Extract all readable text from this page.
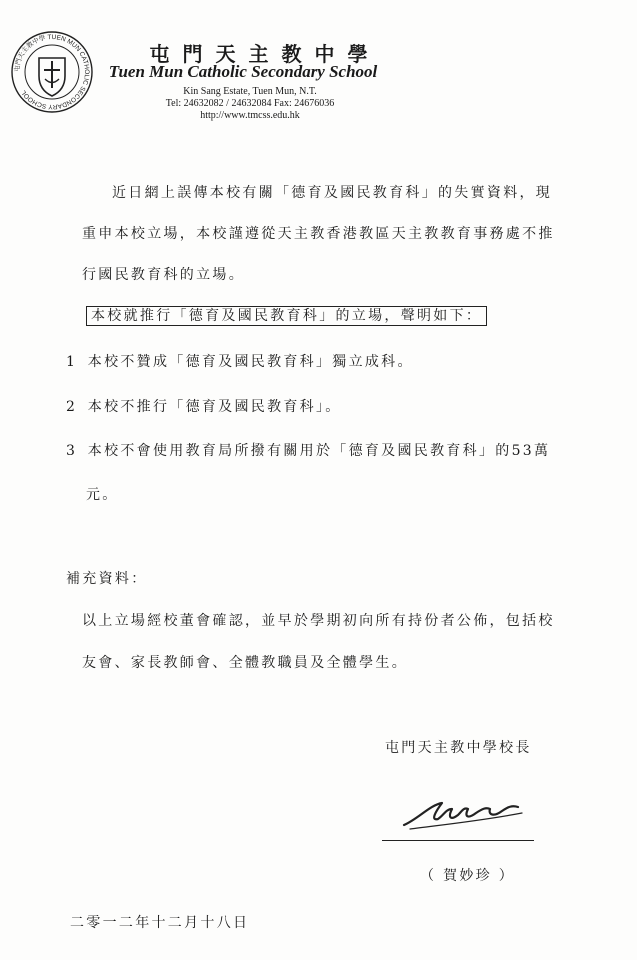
屯門天主教中學 TUEN MUN CATHOLIC SECONDARY SCHOOL
屯門天主教中學
Tuen Mun Catholic Secondary School
Kin Sang Estate, Tuen Mun, N.T.
Tel: 24632082 / 24632084 Fax: 24676036
http://www.tmcss.edu.hk
近日網上誤傳本校有關「德育及國民教育科」的失實資料，現
重申本校立場，本校謹遵從天主教香港教區天主教教育事務處不推
行國民教育科的立場。
本校就推行「德育及國民教育科」的立場，聲明如下：
1 本校不贊成「德育及國民教育科」獨立成科。
2 本校不推行「德育及國民教育科」。
3 本校不會使用教育局所撥有關用於「德育及國民教育科」的53萬
元。
補充資料：
以上立場經校董會確認，並早於學期初向所有持份者公佈，包括校
友會、家長教師會、全體教職員及全體學生。
屯門天主教中學校長
（ 賀妙珍 ）
二零一二年十二月十八日
